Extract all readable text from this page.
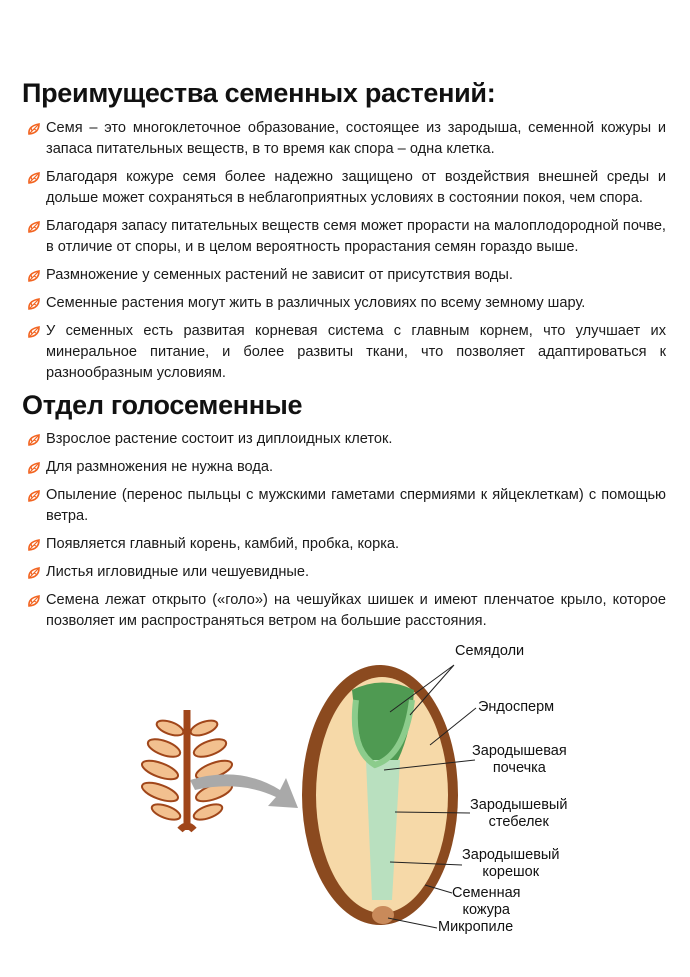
Преимущества семенных растений:
Семя – это многоклеточное образование, состоящее из зародыша, семенной кожуры и запаса питательных веществ, в то время как спора – одна клетка.
Благодаря кожуре семя более надежно защищено от воздействия внешней среды и дольше может сохраняться в неблагоприятных условиях в состоянии покоя, чем спора.
Благодаря запасу питательных веществ семя может прорасти на малоплодородной почве, в отличие от споры, и в целом вероятность прорастания семян гораздо выше.
Размножение у семенных растений не зависит от присутствия воды.
Семенные растения могут жить в различных условиях по всему земному шару.
У семенных есть развитая корневая система с главным корнем, что улучшает их минеральное питание, и более развиты ткани, что позволяет адаптироваться к разнообразным условиям.
Отдел голосеменные
Взрослое растение состоит из диплоидных клеток.
Для размножения не нужна вода.
Опыление (перенос пыльцы с мужскими гаметами спермиями к яйцеклеткам) с помощью ветра.
Появляется главный корень, камбий, пробка, корка.
Листья игловидные или чешуевидные.
Семена лежат открыто («голо») на чешуйках шишек и имеют пленчатое крыло, которое позволяет им распространяться ветром на большие расстояния.
Семядоли
Эндосперм
Зародышевая
почечка
Зародышевый
стебелек
Зародышевый
корешок
Семенная
кожура
Микропиле
